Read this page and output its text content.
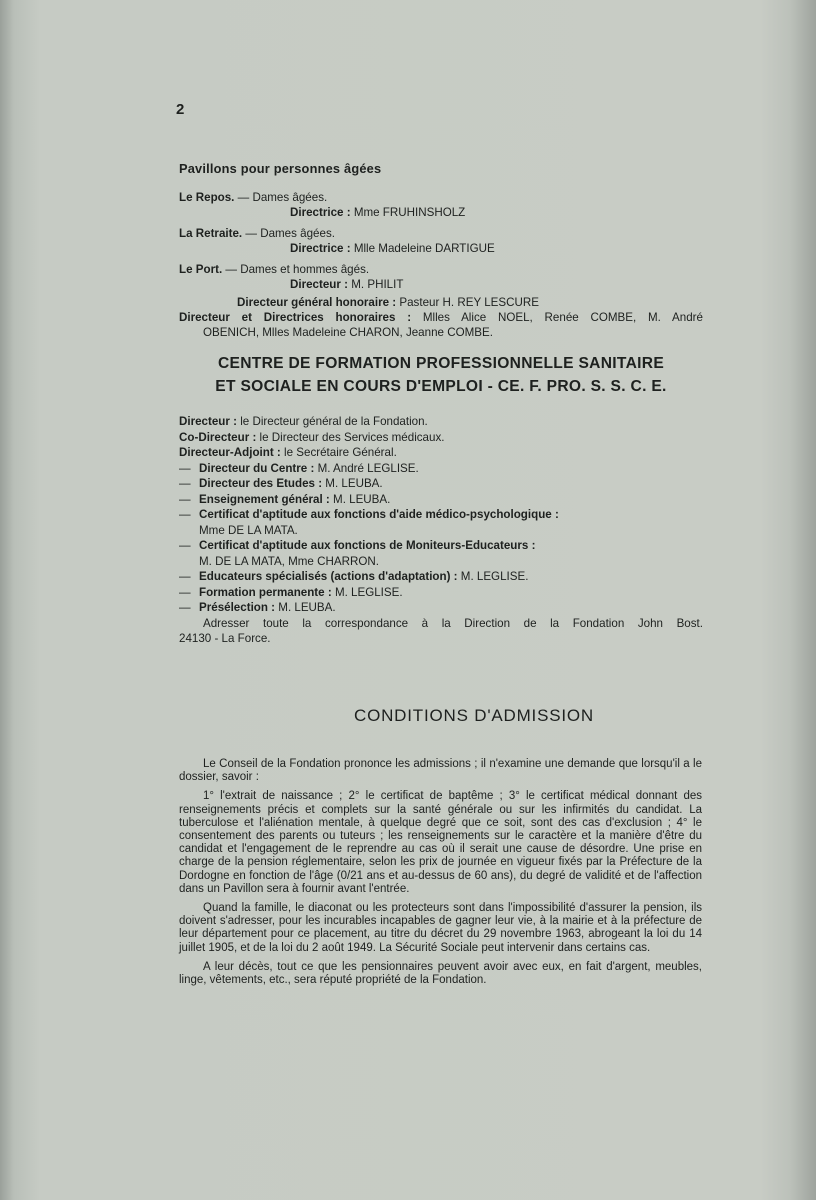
2
Pavillons pour personnes âgées
Le Repos. — Dames âgées.
Directrice : Mme FRUHINSHOLZ
La Retraite. — Dames âgées.
Directrice : Mlle Madeleine DARTIGUE
Le Port. — Dames et hommes âgés.
Directeur : M. PHILIT
Directeur général honoraire : Pasteur H. REY LESCURE
Directeur et Directrices honoraires : Mlles Alice NOEL, Renée COMBE, M. André
OBENICH, Mlles Madeleine CHARON, Jeanne COMBE.
CENTRE DE FORMATION PROFESSIONNELLE SANITAIRE
ET SOCIALE EN COURS D'EMPLOI - CE. F. PRO. S. S. C. E.
Directeur : le Directeur général de la Fondation.
Co-Directeur : le Directeur des Services médicaux.
Directeur-Adjoint : le Secrétaire Général.
— Directeur du Centre : M. André LEGLISE.
— Directeur des Etudes : M. LEUBA.
— Enseignement général : M. LEUBA.
— Certificat d'aptitude aux fonctions d'aide médico-psychologique :
Mme DE LA MATA.
— Certificat d'aptitude aux fonctions de Moniteurs-Educateurs :
M. DE LA MATA, Mme CHARRON.
— Educateurs spécialisés (actions d'adaptation) : M. LEGLISE.
— Formation permanente : M. LEGLISE.
— Présélection : M. LEUBA.
Adresser toute la correspondance à la Direction de la Fondation John Bost.
24130 - La Force.
CONDITIONS D'ADMISSION

Le Conseil de la Fondation prononce les admissions ; il n'examine une demande que lorsqu'il a le dossier, savoir :

1° l'extrait de naissance ; 2° le certificat de baptême ; 3° le certificat médical donnant des renseignements précis et complets sur la santé générale ou sur les infirmités du candidat. La tuberculose et l'aliénation mentale, à quelque degré que ce soit, sont des cas d'exclusion ; 4° le consentement des parents ou tuteurs ; les renseignements sur le caractère et la manière d'être du candidat et l'engagement de le reprendre au cas où il serait une cause de désordre. Une prise en charge de la pension réglementaire, selon les prix de journée en vigueur fixés par la Préfecture de la Dordogne en fonction de l'âge (0/21 ans et au-dessus de 60 ans), du degré de validité et de l'affection dans un Pavillon sera à fournir avant l'entrée.

Quand la famille, le diaconat ou les protecteurs sont dans l'impossibilité d'assurer la pension, ils doivent s'adresser, pour les incurables incapables de gagner leur vie, à la mairie et à la préfecture de leur département pour ce placement, au titre du décret du 29 novembre 1963, abrogeant la loi du 14 juillet 1905, et de la loi du 2 août 1949. La Sécurité Sociale peut intervenir dans certains cas.

A leur décès, tout ce que les pensionnaires peuvent avoir avec eux, en fait d'argent, meubles, linge, vêtements, etc., sera réputé propriété de la Fondation.
